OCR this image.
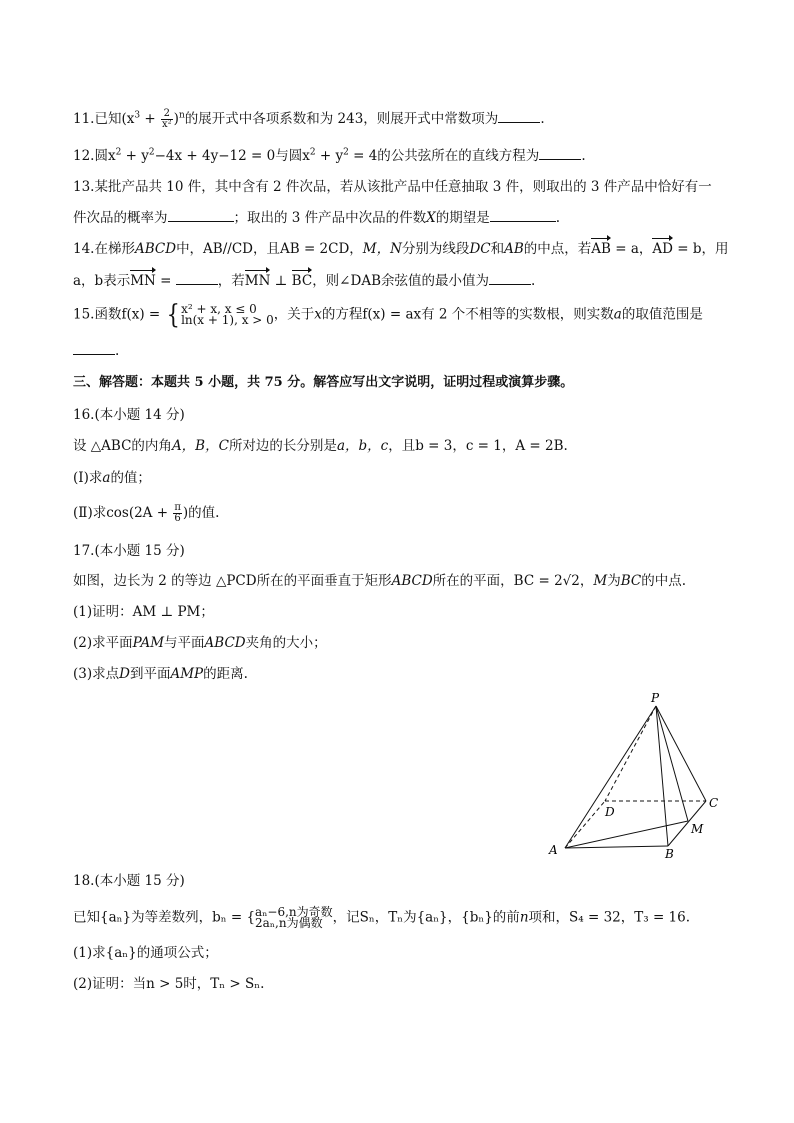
11.已知$(x^3 + \frac{2}{\text{x²}} )^n$的展开式中各项系数和为 243，则展开式中常数项为	.
12.圆$x^2 + y^2-4x + 4y-12 = 0$与圆$x^2 + y^2 = 4$的公共弦所在的直线方程为	.
13.某批产品共 10 件，其中含有 2 件次品，若从该批产品中任意抽取 3 件，则取出的 3 件产品中恰好有一
件次品的概率为	；取出的 3 件产品中次品的件数X的期望是	.
14.在梯形ABCD中，AB//CD，且AB = 2CD，M，N分别为线段DC和AB的中点，若AB = a，AD = b，用
a，b表示MN =	，若MN ⊥ BC，则∠DAB余弦值的最小值为	.
15.函数f(x) = { x² + x, x ≤ 0
ln(x + 1), x > 0 ，关于x的方程f(x) = ax有 2 个不相等的实数根，则实数a的取值范围是
.
三、解答题：本题共 5 小题，共 75 分。解答应写出文字说明，证明过程或演算步骤。
16.(本小题 14 分)
设 △ABC的内角A，B，C所对边的长分别是a，b，c，且b = 3，c = 1，A = 2B.
(Ⅰ)求a的值；
(Ⅱ)求$\cos(2A + \frac{\pi}{6}$ )的值.
17.(本小题 15 分)
如图，边长为 2 的等边 △PCD所在的平面垂直于矩形ABCD所在的平面，BC = 2√2，M为BC的中点.
(1)证明：AM ⊥ PM；
(2)求平面PAM与平面ABCD夹角的大小；
(3)求点D到平面AMP的距离.
P
C
D
M
A	B
18.(本小题 15 分)
已知{aₙ}为等差数列，bₙ = { aₙ−6,n为奇数
2aₙ,n为偶数 ，记Sₙ，Tₙ为{aₙ}，{bₙ}的前n项和，S₄ = 32，T₃ = 16.
(1)求{aₙ}的通项公式；
(2)证明：当n > 5时，Tₙ > Sₙ.
